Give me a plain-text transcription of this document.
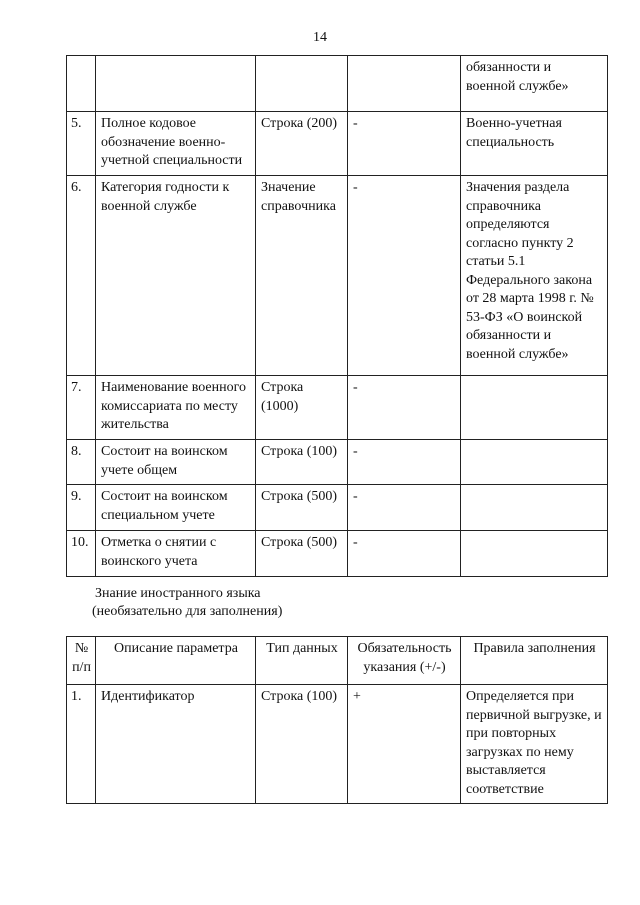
14
				обязанности и военной службе»
5.	Полное кодовое обозначение военно-учетной специальности	Строка (200)	-	Военно-учетная специальность
6.	Категория годности к военной службе	Значение справочника	-	Значения раздела справочника определяются согласно пункту 2 статьи 5.1 Федерального закона от 28 марта 1998 г. № 53-ФЗ «О воинской обязанности и военной службе»
7.	Наименование военного комиссариата по месту жительства	Строка (1000)	-	
8.	Состоит на воинском учете общем	Строка (100)	-	
9.	Состоит на воинском специальном учете	Строка (500)	-	
10.	Отметка о снятии с воинского учета	Строка (500)	-	
Знание иностранного языка
(необязательно для заполнения)
№ п/п	Описание параметра	Тип данных	Обязательность указания (+/-)	Правила заполнения
1.	Идентификатор	Строка (100)	+	Определяется при первичной выгрузке, и при повторных загрузках по нему выставляется соответствие
